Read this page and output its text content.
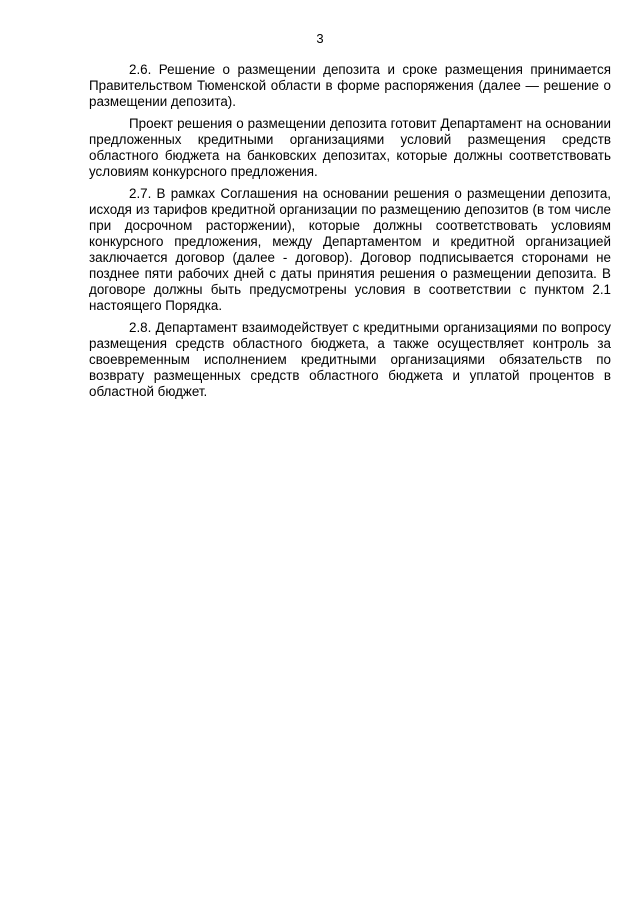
3

2.6. Решение о размещении депозита и сроке размещения принимается Правительством Тюменской области в форме распоряжения (далее — решение о размещении депозита).

Проект решения о размещении депозита готовит Департамент на основании предложенных кредитными организациями условий размещения средств областного бюджета на банковских депозитах, которые должны соответствовать условиям конкурсного предложения.

2.7. В рамках Соглашения на основании решения о размещении депозита, исходя из тарифов кредитной организации по размещению депозитов (в том числе при досрочном расторжении), которые должны соответствовать условиям конкурсного предложения, между Департаментом и кредитной организацией заключается договор (далее - договор). Договор подписывается сторонами не позднее пяти рабочих дней с даты принятия решения о размещении депозита. В договоре должны быть предусмотрены условия в соответствии с пунктом 2.1 настоящего Порядка.

2.8. Департамент взаимодействует с кредитными организациями по вопросу размещения средств областного бюджета, а также осуществляет контроль за своевременным исполнением кредитными организациями обязательств по возврату размещенных средств областного бюджета и уплатой процентов в областной бюджет.
